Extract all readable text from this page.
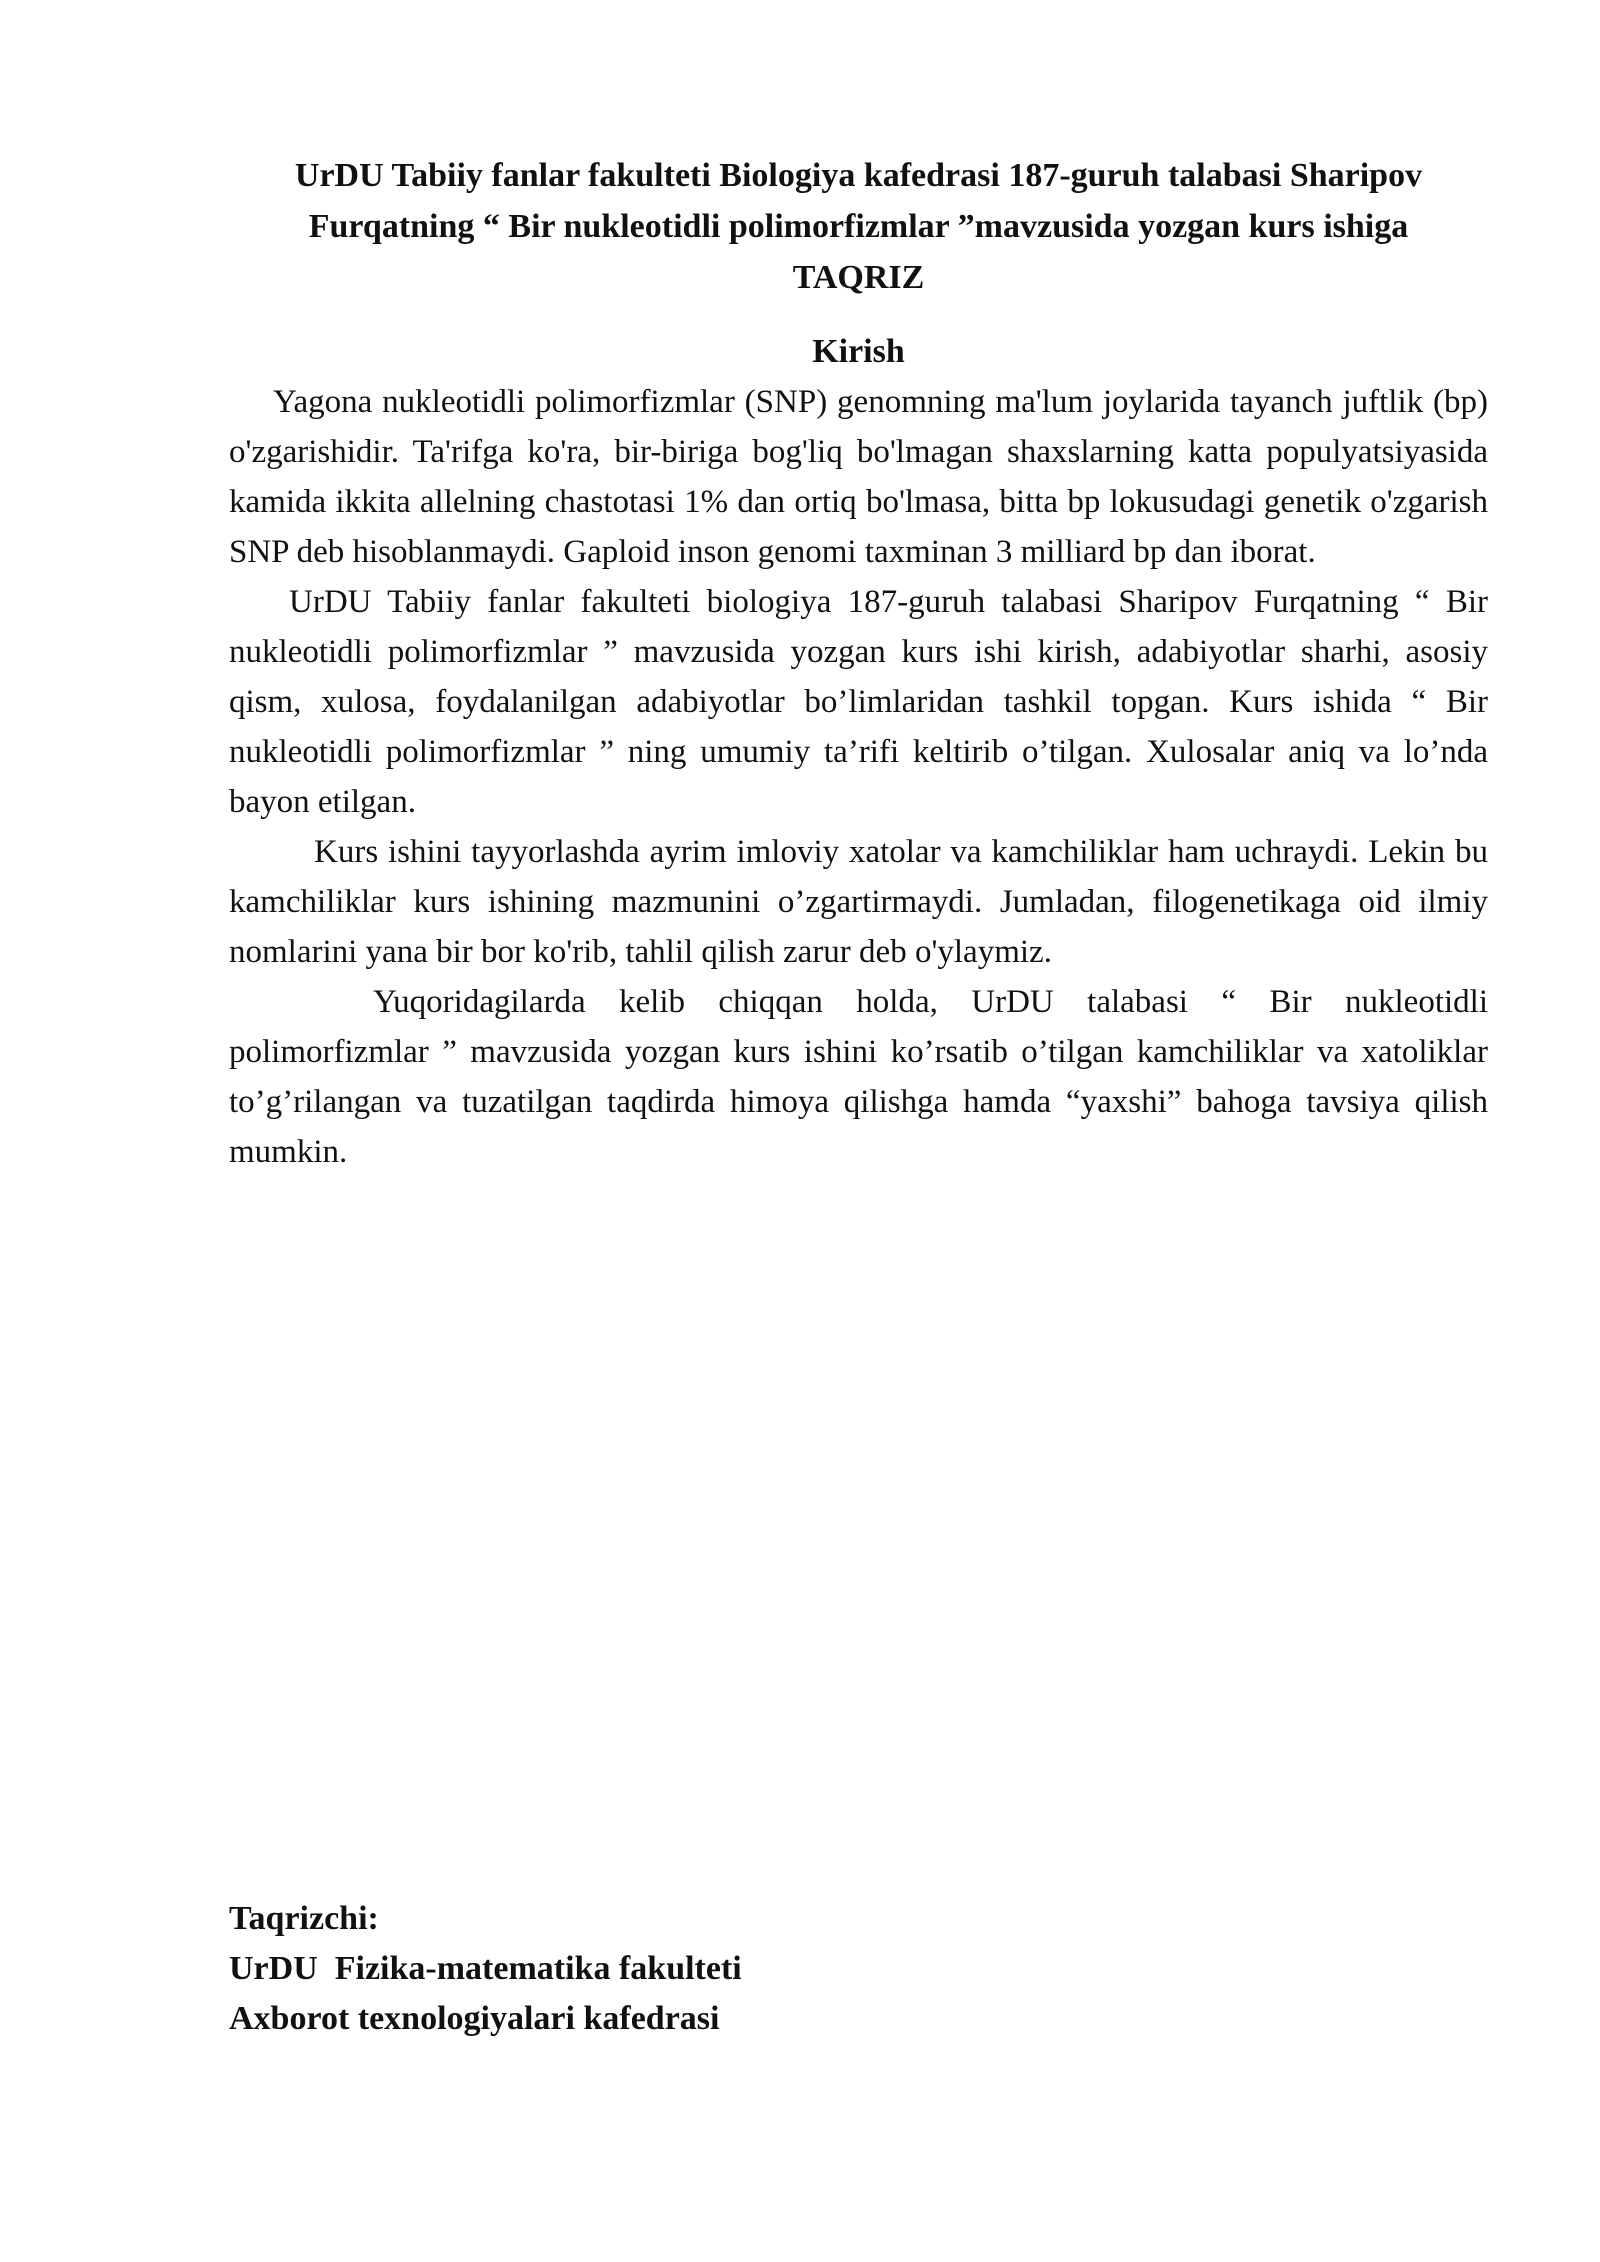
UrDU Tabiiy fanlar fakulteti Biologiya kafedrasi 187-guruh talabasi Sharipov
Furqatning “ Bir nukleotidli polimorfizmlar ”mavzusida yozgan kurs ishiga
TAQRIZ

Kirish

Yagona nukleotidli polimorfizmlar (SNP) genomning ma'lum joylarida tayanch juftlik (bp) o'zgarishidir. Ta'rifga ko'ra, bir-biriga bog'liq bo'lmagan shaxslarning katta populyatsiyasida kamida ikkita allelning chastotasi 1% dan ortiq bo'lmasa, bitta bp lokusudagi genetik o'zgarish SNP deb hisoblanmaydi. Gaploid inson genomi taxminan 3 milliard bp dan iborat.

UrDU Tabiiy fanlar fakulteti biologiya 187-guruh talabasi Sharipov Furqatning “ Bir nukleotidli polimorfizmlar ” mavzusida yozgan kurs ishi kirish, adabiyotlar sharhi, asosiy qism, xulosa, foydalanilgan adabiyotlar bo’limlaridan tashkil topgan. Kurs ishida “ Bir nukleotidli polimorfizmlar ” ning umumiy ta’rifi keltirib o’tilgan. Xulosalar aniq va lo’nda bayon etilgan.

Kurs ishini tayyorlashda ayrim imloviy xatolar va kamchiliklar ham uchraydi. Lekin bu kamchiliklar kurs ishining mazmunini o’zgartirmaydi. Jumladan, filogenetikaga oid ilmiy nomlarini yana bir bor ko'rib, tahlil qilish zarur deb o'ylaymiz.

Yuqoridagilarda kelib chiqqan holda, UrDU talabasi “ Bir nukleotidli polimorfizmlar ” mavzusida yozgan kurs ishini ko’rsatib o’tilgan kamchiliklar va xatoliklar to’g’rilangan va tuzatilgan taqdirda himoya qilishga hamda “yaxshi” bahoga tavsiya qilish mumkin.

Taqrizchi:

UrDU  Fizika-matematika fakulteti

Axborot texnologiyalari kafedrasi
